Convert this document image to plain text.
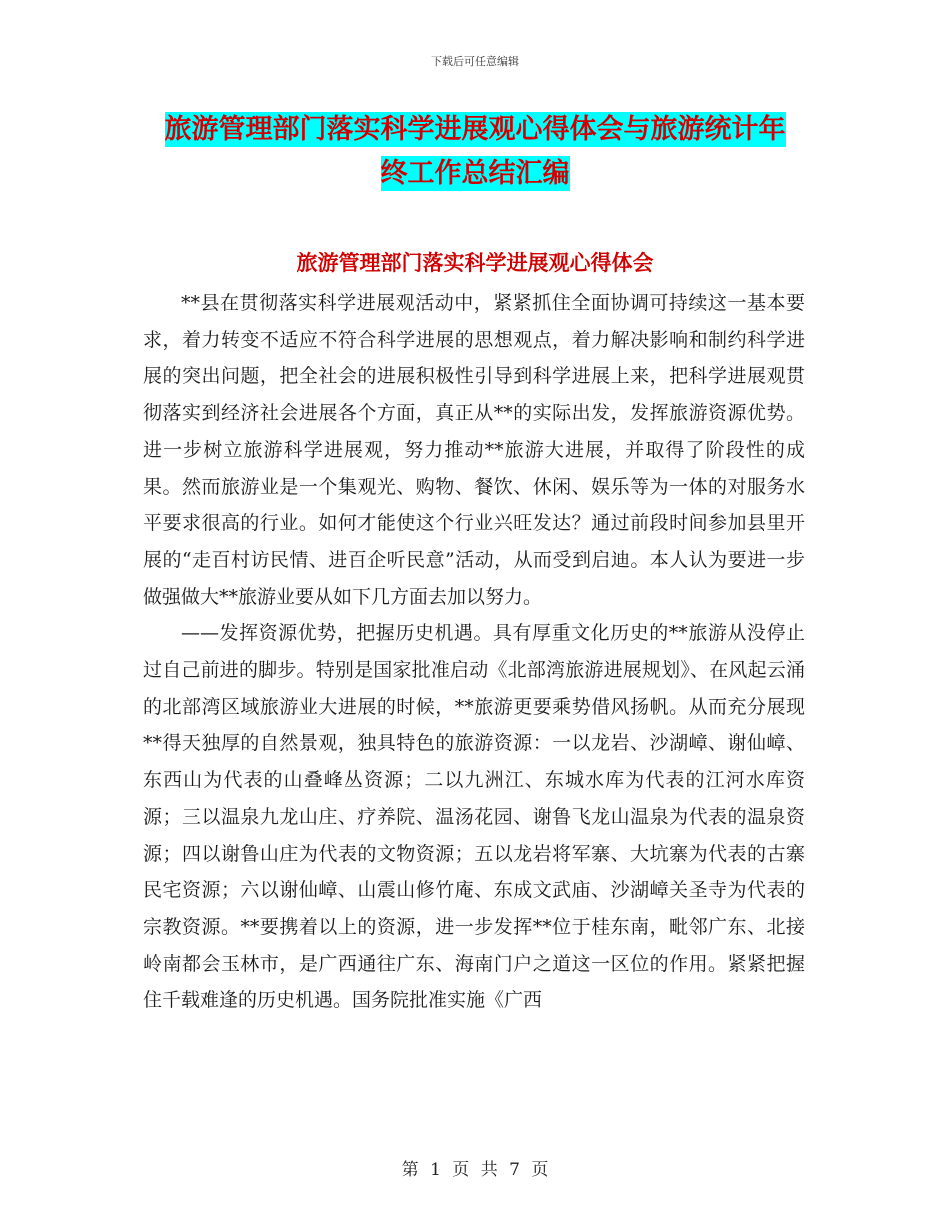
下载后可任意编辑
旅游管理部门落实科学进展观心得体会与旅游统计年
终工作总结汇编
旅游管理部门落实科学进展观心得体会

**县在贯彻落实科学进展观活动中，紧紧抓住全面协调可持续这一基本要求，着力转变不适应不符合科学进展的思想观点，着力解决影响和制约科学进展的突出问题，把全社会的进展积极性引导到科学进展上来，把科学进展观贯彻落实到经济社会进展各个方面，真正从**的实际出发，发挥旅游资源优势。进一步树立旅游科学进展观，努力推动**旅游大进展，并取得了阶段性的成果。然而旅游业是一个集观光、购物、餐饮、休闲、娱乐等为一体的对服务水平要求很高的行业。如何才能使这个行业兴旺发达？通过前段时间参加县里开展的“走百村访民情、进百企听民意”活动，从而受到启迪。本人认为要进一步做强做大**旅游业要从如下几方面去加以努力。

——发挥资源优势，把握历史机遇。具有厚重文化历史的**旅游从没停止过自己前进的脚步。特别是国家批准启动《北部湾旅游进展规划》、在风起云涌的北部湾区域旅游业大进展的时候，**旅游更要乘势借风扬帆。从而充分展现**得天独厚的自然景观，独具特色的旅游资源：一以龙岩、沙湖嶂、谢仙嶂、东西山为代表的山叠峰丛资源；二以九洲江、东城水库为代表的江河水库资源；三以温泉九龙山庄、疗养院、温汤花园、谢鲁飞龙山温泉为代表的温泉资源；四以谢鲁山庄为代表的文物资源；五以龙岩将军寨、大坑寨为代表的古寨民宅资源；六以谢仙嶂、山震山修竹庵、东成文武庙、沙湖嶂关圣寺为代表的宗教资源。**要携着以上的资源，进一步发挥**位于桂东南，毗邻广东、北接岭南都会玉林市，是广西通往广东、海南门户之道这一区位的作用。紧紧把握住千载难逢的历史机遇。国务院批准实施《广西

第 1 页 共 7 页
